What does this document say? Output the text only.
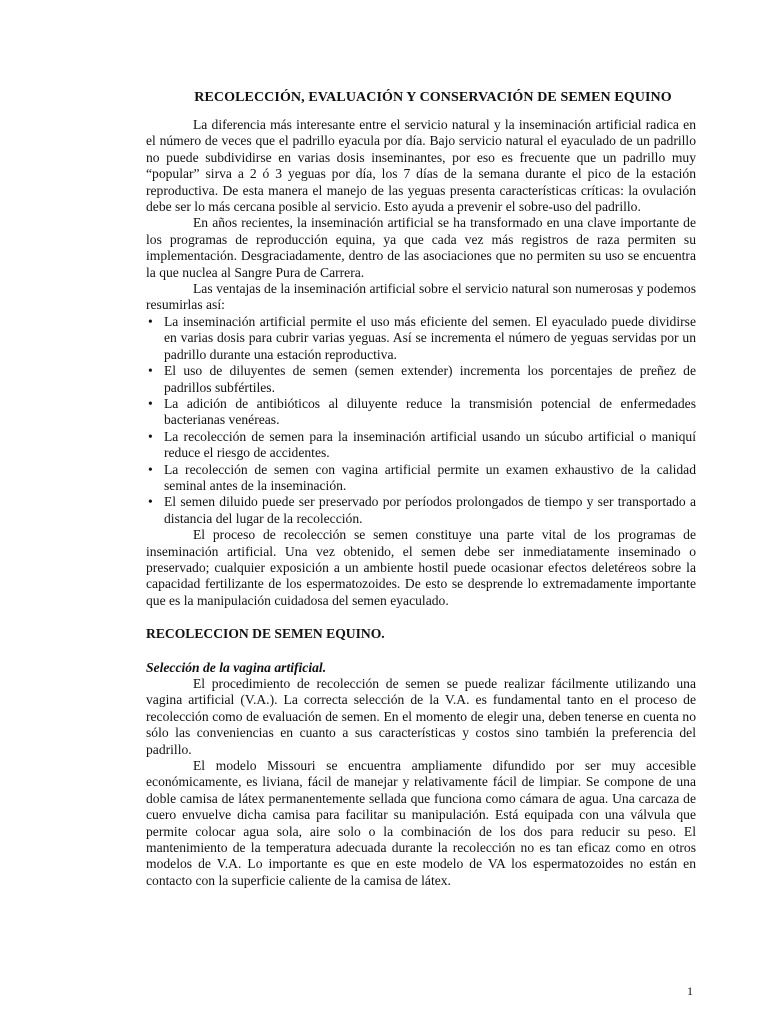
RECOLECCIÓN, EVALUACIÓN Y CONSERVACIÓN DE SEMEN EQUINO

La diferencia más interesante entre el servicio natural y la inseminación artificial radica en el número de veces que el padrillo eyacula por día. Bajo servicio natural el eyaculado de un padrillo no puede subdividirse en varias dosis inseminantes, por eso es frecuente que un padrillo muy “popular” sirva a 2 ó 3 yeguas por día, los 7 días de la semana durante el pico de la estación reproductiva. De esta manera el manejo de las yeguas presenta características críticas: la ovulación debe ser lo más cercana posible al servicio. Esto ayuda a prevenir el sobre-uso del padrillo.

En años recientes, la inseminación artificial se ha transformado en una clave importante de los programas de reproducción equina, ya que cada vez más registros de raza permiten su implementación. Desgraciadamente, dentro de las asociaciones que no permiten su uso se encuentra la que nuclea al Sangre Pura de Carrera.

Las ventajas de la inseminación artificial sobre el servicio natural son numerosas y podemos resumirlas así:

• La inseminación artificial permite el uso más eficiente del semen. El eyaculado puede dividirse en varias dosis para cubrir varias yeguas. Así se incrementa el número de yeguas servidas por un padrillo durante una estación reproductiva.
• El uso de diluyentes de semen (semen extender) incrementa los porcentajes de preñez de padrillos subfértiles.
• La adición de antibióticos al diluyente reduce la transmisión potencial de enfermedades bacterianas venéreas.
• La recolección de semen para la inseminación artificial usando un súcubo artificial o maniquí reduce el riesgo de accidentes.
• La recolección de semen con vagina artificial permite un examen exhaustivo de la calidad seminal antes de la inseminación.
• El semen diluido puede ser preservado por períodos prolongados de tiempo y ser transportado a distancia del lugar de la recolección.

El proceso de recolección se semen constituye una parte vital de los programas de inseminación artificial. Una vez obtenido, el semen debe ser inmediatamente inseminado o preservado; cualquier exposición a un ambiente hostil puede ocasionar efectos deletéreos sobre la capacidad fertilizante de los espermatozoides. De esto se desprende lo extremadamente importante que es la manipulación cuidadosa del semen eyaculado.

RECOLECCION DE SEMEN EQUINO.
Selección de la vagina artificial.

El procedimiento de recolección de semen se puede realizar fácilmente utilizando una vagina artificial (V.A.). La correcta selección de la V.A. es fundamental tanto en el proceso de recolección como de evaluación de semen. En el momento de elegir una, deben tenerse en cuenta no sólo las conveniencias en cuanto a sus características y costos sino también la preferencia del padrillo.

El modelo Missouri se encuentra ampliamente difundido por ser muy accesible económicamente, es liviana, fácil de manejar y relativamente fácil de limpiar. Se compone de una doble camisa de látex permanentemente sellada que funciona como cámara de agua. Una carcaza de cuero envuelve dicha camisa para facilitar su manipulación. Está equipada con una válvula que permite colocar agua sola, aire solo o la combinación de los dos para reducir su peso. El mantenimiento de la temperatura adecuada durante la recolección no es tan eficaz como en otros modelos de V.A. Lo importante es que en este modelo de VA los espermatozoides no están en contacto con la superficie caliente de la camisa de látex.

1
